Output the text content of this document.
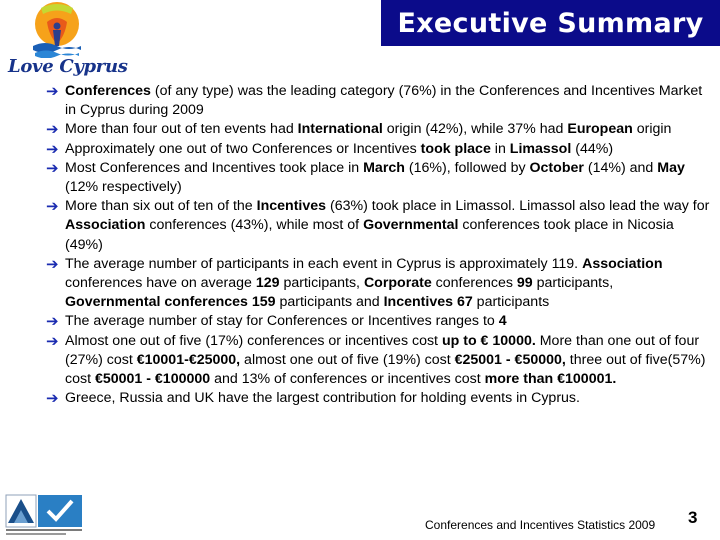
Executive Summary
Love Cyprus
➔ Conferences (of any type) was the leading category (76%) in the Conferences and Incentives Market in Cyprus during 2009
➔ More than four out of ten events had International origin (42%), while 37% had European origin
➔ Approximately one out of two Conferences or Incentives took place in Limassol (44%)
➔ Most Conferences and Incentives took place in March (16%), followed by October (14%) and May (12% respectively)
➔ More than six out of ten of the Incentives (63%) took place in Limassol. Limassol also lead the way for Association conferences (43%), while most of Governmental conferences took place in Nicosia (49%)
➔ The average number of participants in each event in Cyprus is approximately 119. Association conferences have on average 129 participants, Corporate conferences 99 participants, Governmental conferences 159 participants and Incentives 67 participants
➔ The average number of stay for Conferences or Incentives ranges to 4
➔ Almost one out of five (17%) conferences or incentives cost up to € 10000. More than one out of four (27%) cost €10001-€25000, almost one out of five (19%) cost €25001 - €50000, three out of five(57%) cost €50001 - €100000 and 13% of conferences or incentives cost more than €100001.
➔ Greece, Russia and UK have the largest contribution for holding events in Cyprus.
Conferences and Incentives Statistics 2009 3
